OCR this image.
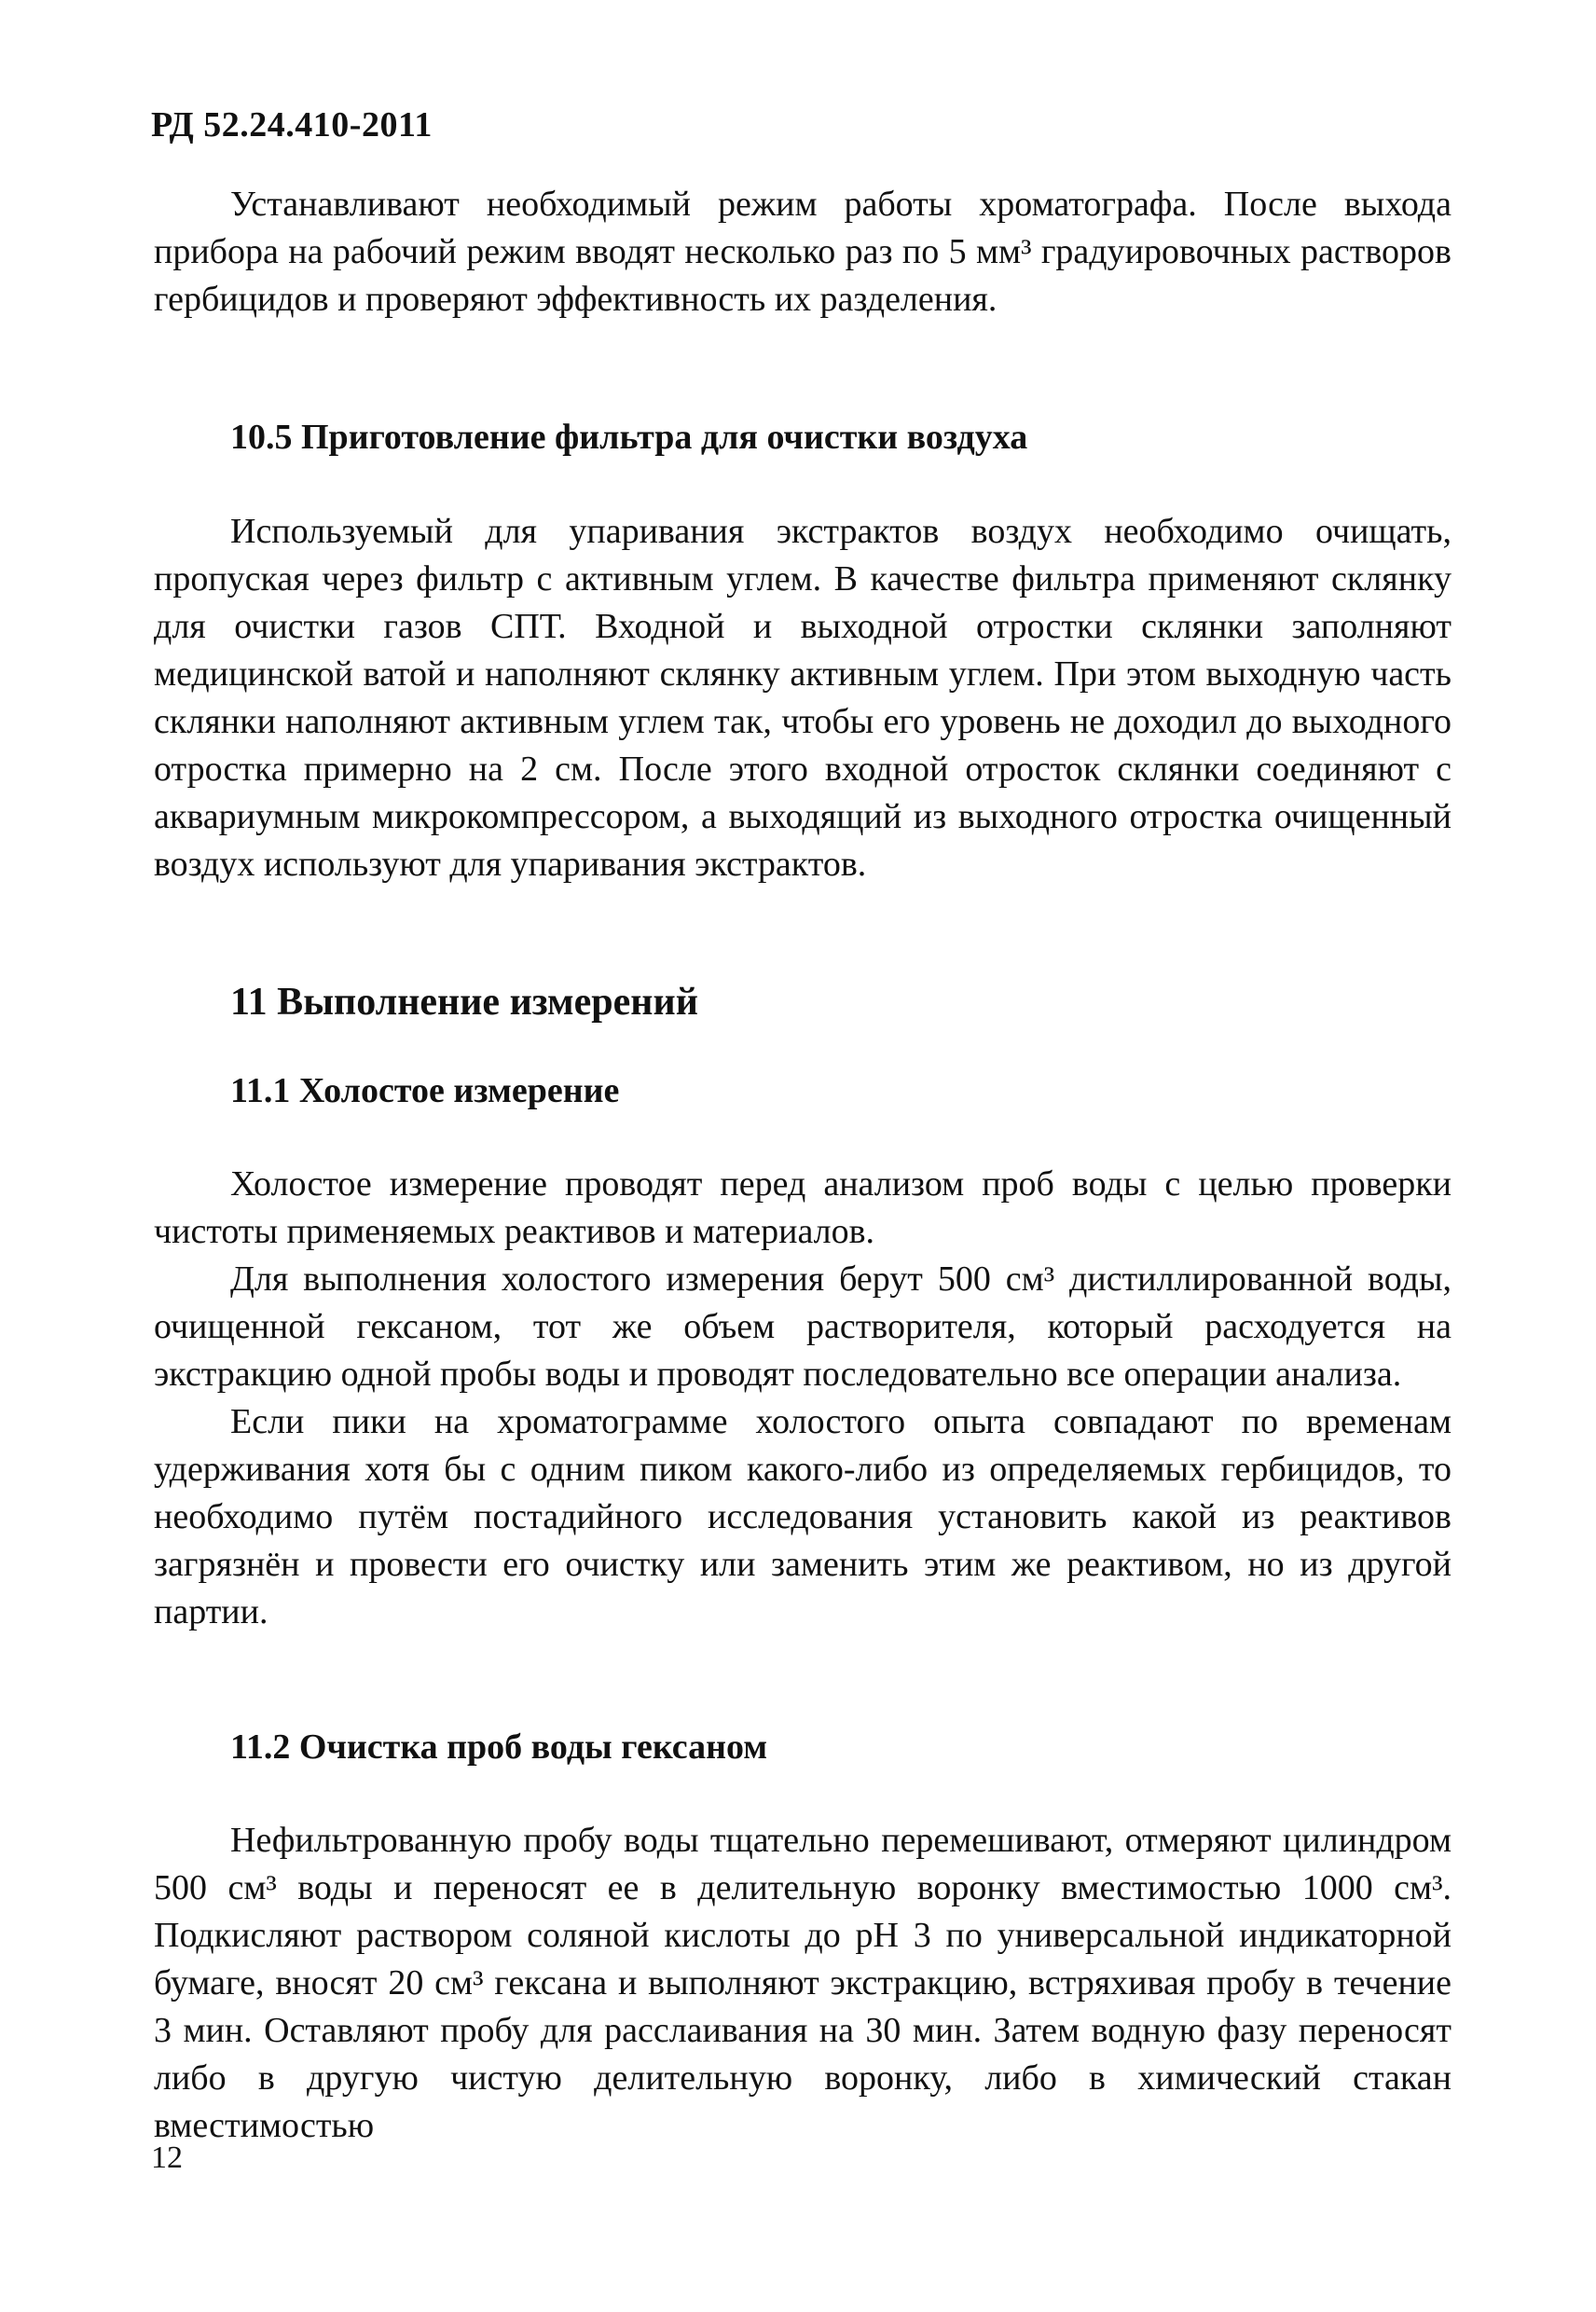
РД 52.24.410-2011

Устанавливают необходимый режим работы хроматографа. После выхода прибора на рабочий режим вводят несколько раз по 5 мм³ градуировочных растворов гербицидов и проверяют эффективность их разделения.

10.5 Приготовление фильтра для очистки воздуха

Используемый для упаривания экстрактов воздух необходимо очищать, пропуская через фильтр с активным углем. В качестве фильтра применяют склянку для очистки газов СПТ. Входной и выходной отростки склянки заполняют медицинской ватой и наполняют склянку активным углем. При этом выходную часть склянки наполняют активным углем так, чтобы его уровень не доходил до выходного отростка примерно на 2 см. После этого входной отросток склянки соединяют с аквариумным микрокомпрессором, а выходящий из выходного отростка очищенный воздух используют для упаривания экстрактов.

11 Выполнение измерений
11.1 Холостое измерение

Холостое измерение проводят перед анализом проб воды с целью проверки чистоты применяемых реактивов и материалов.

Для выполнения холостого измерения берут 500 см³ дистиллированной воды, очищенной гексаном, тот же объем растворителя, который расходуется на экстракцию одной пробы воды и проводят последовательно все операции анализа.

Если пики на хроматограмме холостого опыта совпадают по временам удерживания хотя бы с одним пиком какого-либо из определяемых гербицидов, то необходимо путём постадийного исследования установить какой из реактивов загрязнён и провести его очистку или заменить этим же реактивом, но из другой партии.

11.2 Очистка проб воды гексаном

Нефильтрованную пробу воды тщательно перемешивают, отмеряют цилиндром 500 см³ воды и переносят ее в делительную воронку вместимостью 1000 см³. Подкисляют раствором соляной кислоты до pH 3 по универсальной индикаторной бумаге, вносят 20 см³ гексана и выполняют экстракцию, встряхивая пробу в течение 3 мин. Оставляют пробу для расслаивания на 30 мин. Затем водную фазу переносят либо в другую чистую делительную воронку, либо в химический стакан вместимостью

12
